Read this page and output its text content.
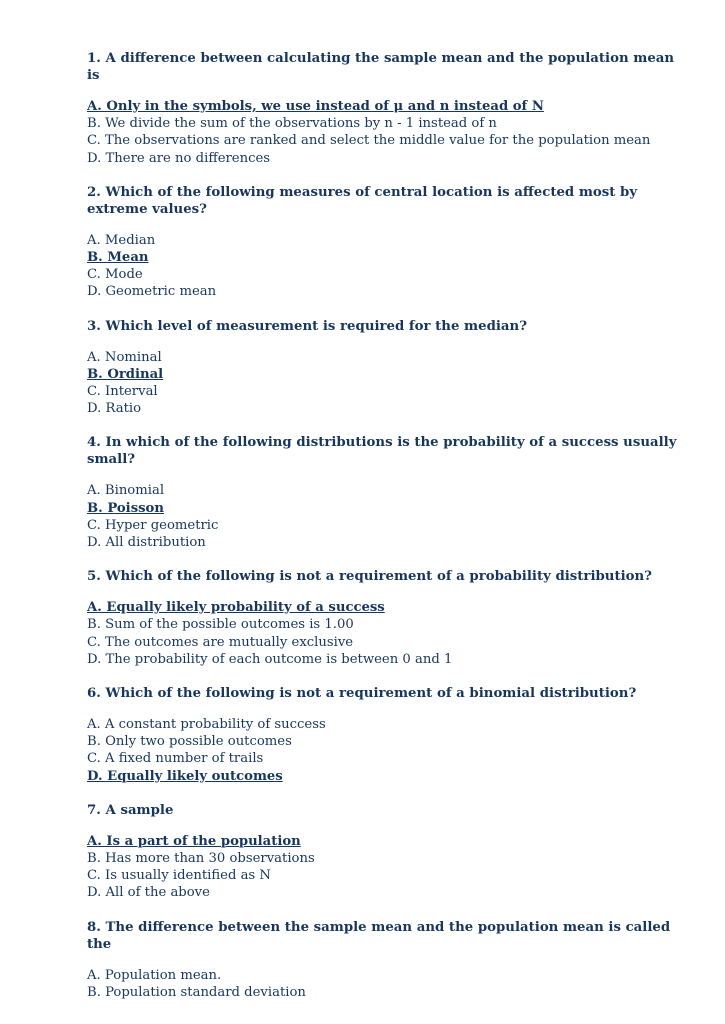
1. A difference between calculating the sample mean and the population mean is

A. Only in the symbols, we use instead of μ and n instead of N

B. We divide the sum of the observations by n - 1 instead of n

C. The observations are ranked and select the middle value for the population mean

D. There are no differences

2. Which of the following measures of central location is affected most by extreme values?

A. Median

B. Mean

C. Mode

D. Geometric mean

3. Which level of measurement is required for the median?

A. Nominal

B. Ordinal

C. Interval

D. Ratio

4. In which of the following distributions is the probability of a success usually small?

A. Binomial

B. Poisson

C. Hyper geometric

D. All distribution

5. Which of the following is not a requirement of a probability distribution?

A. Equally likely probability of a success

B. Sum of the possible outcomes is 1.00

C. The outcomes are mutually exclusive

D. The probability of each outcome is between 0 and 1

6. Which of the following is not a requirement of a binomial distribution?

A. A constant probability of success

B. Only two possible outcomes

C. A fixed number of trails

D. Equally likely outcomes

7. A sample

A. Is a part of the population

B. Has more than 30 observations

C. Is usually identified as N

D. All of the above

8. The difference between the sample mean and the population mean is called the

A. Population mean.

B. Population standard deviation
